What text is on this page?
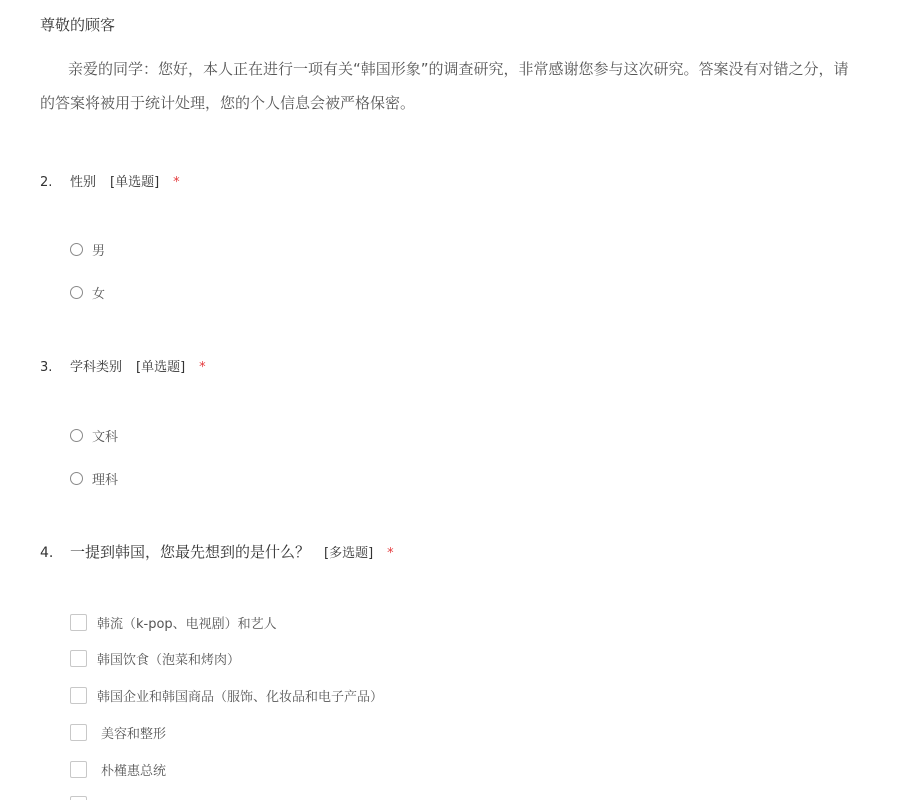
尊敬的顾客
亲爱的同学：您好，本人正在进行一项有关“韩国形象”的调查研究，非常感谢您参与这次研究。答案没有对错之分，请
的答案将被用于统计处理，您的个人信息会被严格保密。
2. 性别 [单选题] *
男
女
3. 学科类别 [单选题] *
文科
理科
4. 一提到韩国，您最先想到的是什么？ [多选题] *
韩流（k-pop、电视剧）和艺人
韩国饮食（泡菜和烤肉）
韩国企业和韩国商品（服饰、化妆品和电子产品）
美容和整形
朴槿惠总统
